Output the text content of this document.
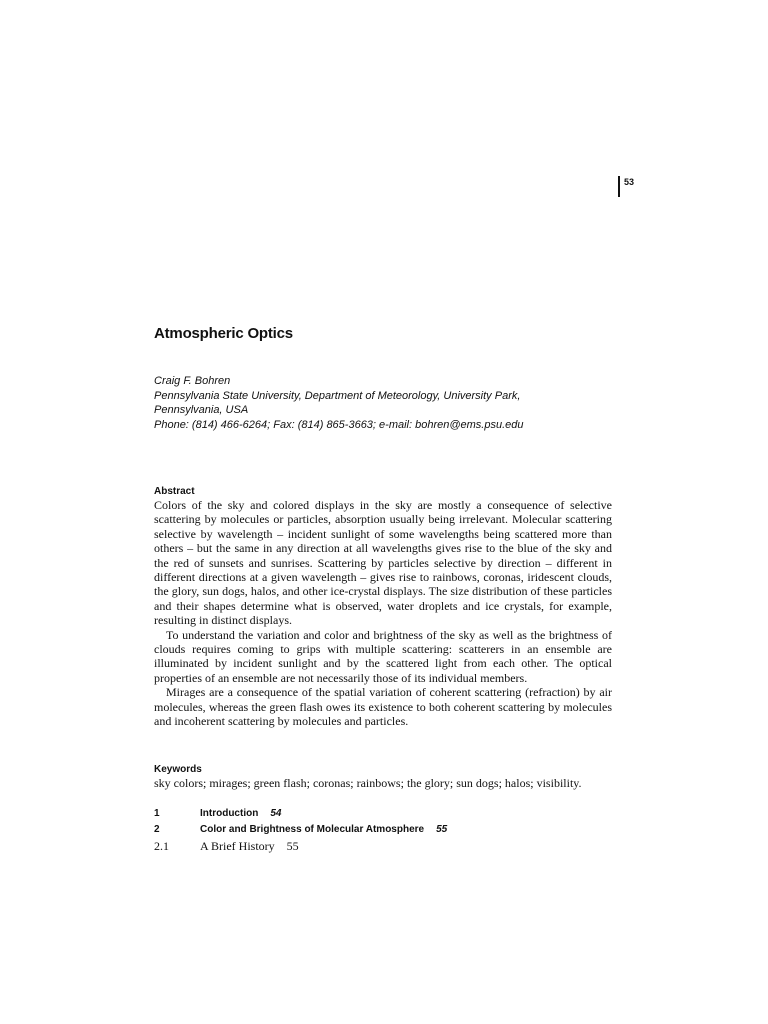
53
Atmospheric Optics
Craig F. Bohren
Pennsylvania State University, Department of Meteorology, University Park,
Pennsylvania, USA
Phone: (814) 466-6264; Fax: (814) 865-3663; e-mail: bohren@ems.psu.edu
Abstract

Colors of the sky and colored displays in the sky are mostly a consequence of selective scattering by molecules or particles, absorption usually being irrelevant. Molecular scattering selective by wavelength – incident sunlight of some wavelengths being scattered more than others – but the same in any direction at all wavelengths gives rise to the blue of the sky and the red of sunsets and sunrises. Scattering by particles selective by direction – different in different directions at a given wavelength – gives rise to rainbows, coronas, iridescent clouds, the glory, sun dogs, halos, and other ice-crystal displays. The size distribution of these particles and their shapes determine what is observed, water droplets and ice crystals, for example, resulting in distinct displays.

To understand the variation and color and brightness of the sky as well as the brightness of clouds requires coming to grips with multiple scattering: scatterers in an ensemble are illuminated by incident sunlight and by the scattered light from each other. The optical properties of an ensemble are not necessarily those of its individual members.

Mirages are a consequence of the spatial variation of coherent scattering (refraction) by air molecules, whereas the green flash owes its existence to both coherent scattering by molecules and incoherent scattering by molecules and particles.

Keywords
sky colors; mirages; green flash; coronas; rainbows; the glory; sun dogs; halos; visibility.
1	Introduction 54
2	Color and Brightness of Molecular Atmosphere 55
2.1	A Brief History 55
